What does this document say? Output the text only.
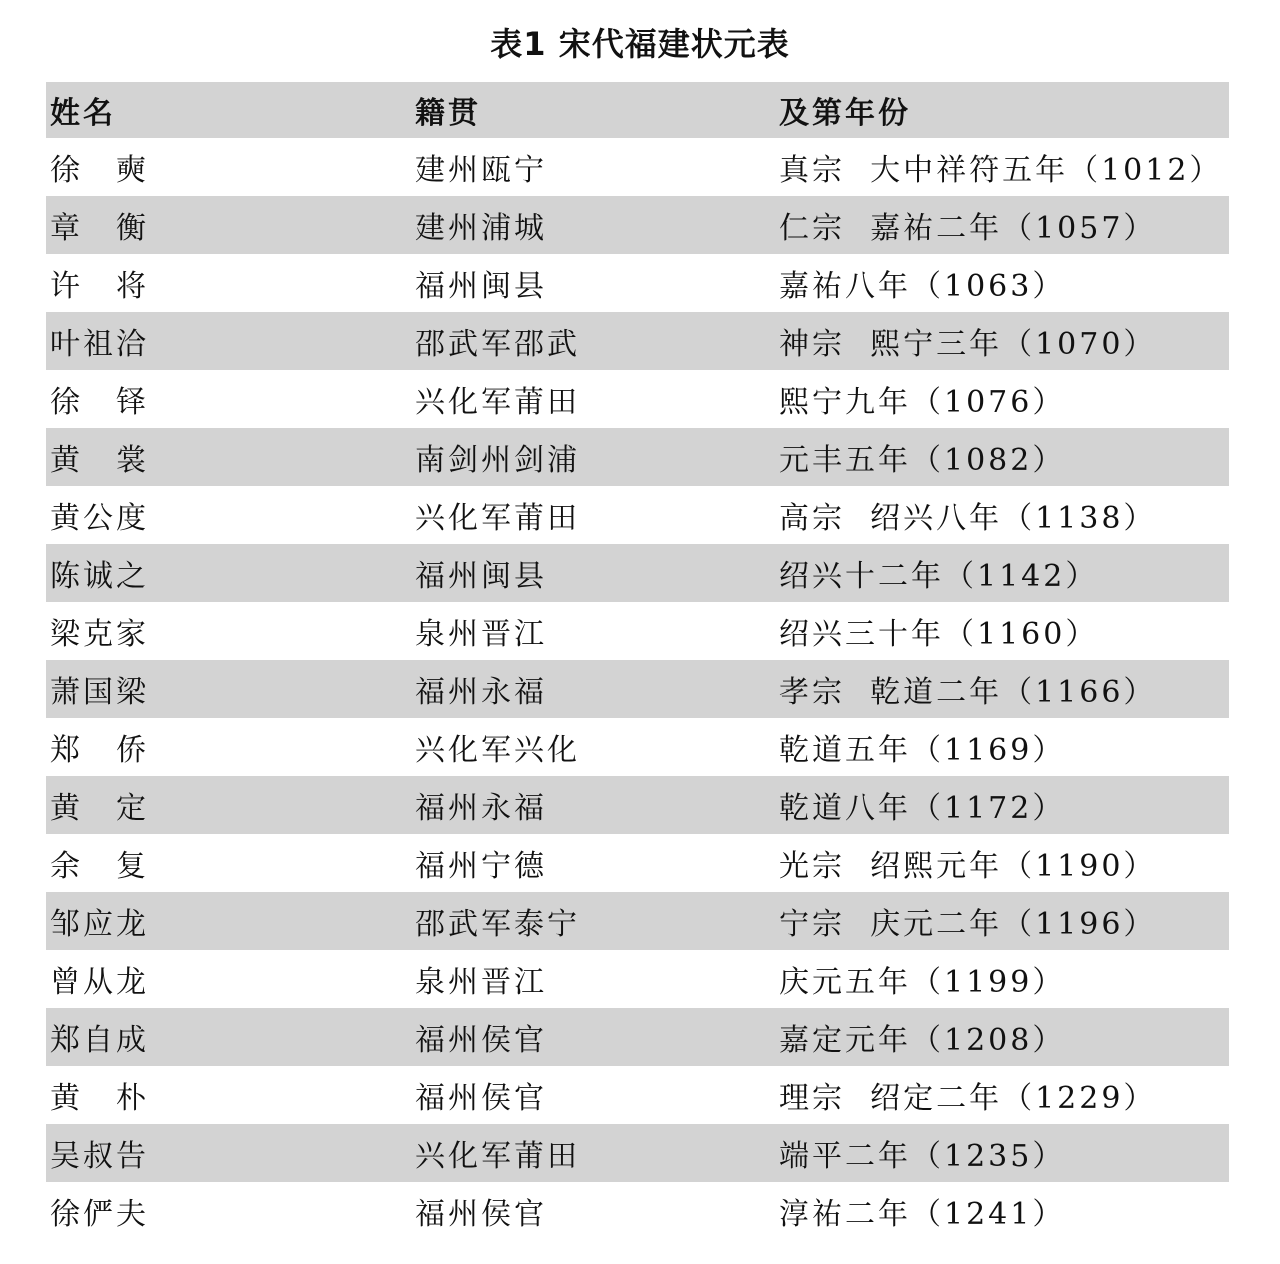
表1 宋代福建状元表
姓名	籍贯	及第年份
徐　奭	建州瓯宁	真宗  大中祥符五年（1012）
章　衡	建州浦城	仁宗  嘉祐二年（1057）
许　将	福州闽县	嘉祐八年（1063）
叶祖洽	邵武军邵武	神宗  熙宁三年（1070）
徐　铎	兴化军莆田	熙宁九年（1076）
黄　裳	南剑州剑浦	元丰五年（1082）
黄公度	兴化军莆田	高宗  绍兴八年（1138）
陈诚之	福州闽县	绍兴十二年（1142）
梁克家	泉州晋江	绍兴三十年（1160）
萧国梁	福州永福	孝宗  乾道二年（1166）
郑　侨	兴化军兴化	乾道五年（1169）
黄　定	福州永福	乾道八年（1172）
余　复	福州宁德	光宗  绍熙元年（1190）
邹应龙	邵武军泰宁	宁宗  庆元二年（1196）
曾从龙	泉州晋江	庆元五年（1199）
郑自成	福州侯官	嘉定元年（1208）
黄　朴	福州侯官	理宗  绍定二年（1229）
吴叔告	兴化军莆田	端平二年（1235）
徐俨夫	福州侯官	淳祐二年（1241）
